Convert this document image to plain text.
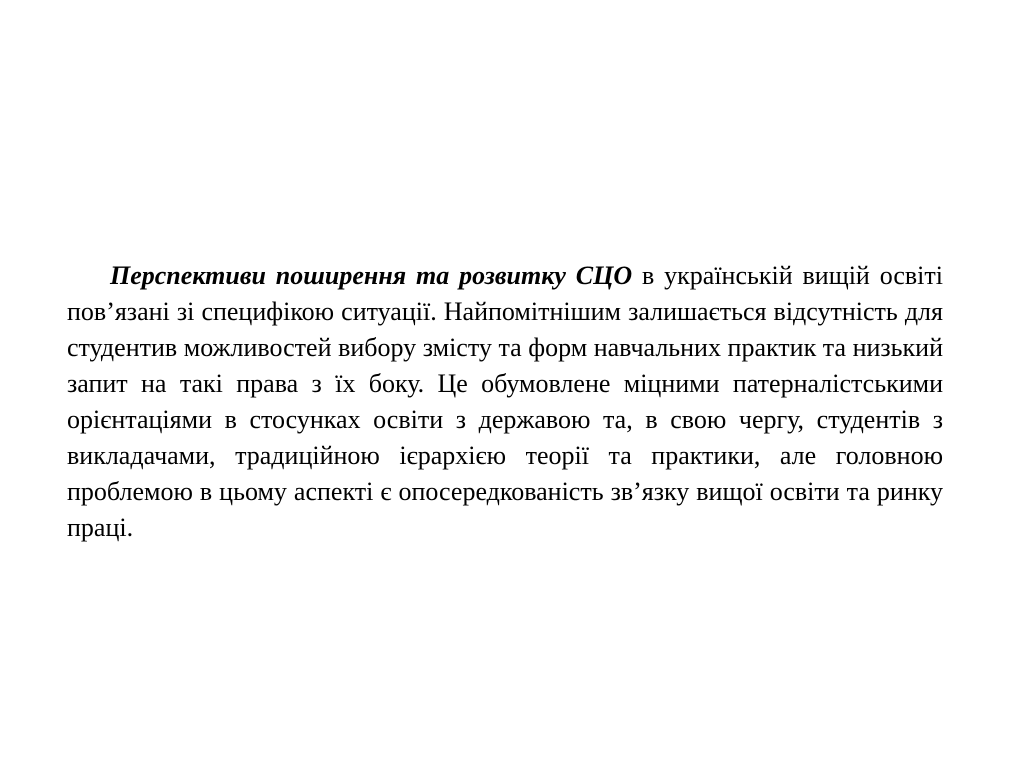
Перспективи поширення та розвитку СЦО в українській вищій освіті пов’язані зі специфікою ситуації. Найпомітнішим залишається відсутність для студентив можливостей вибору змісту та форм навчальних практик та низький запит на такі права з їх боку. Це обумовлене міцними патерналістськими орієнтаціями в стосунках освіти з державою та, в свою чергу, студентів з викладачами, традиційною ієрархією теорії та практики, але головною проблемою в цьому аспекті є опосередкованість зв’язку вищої освіти та ринку праці.
